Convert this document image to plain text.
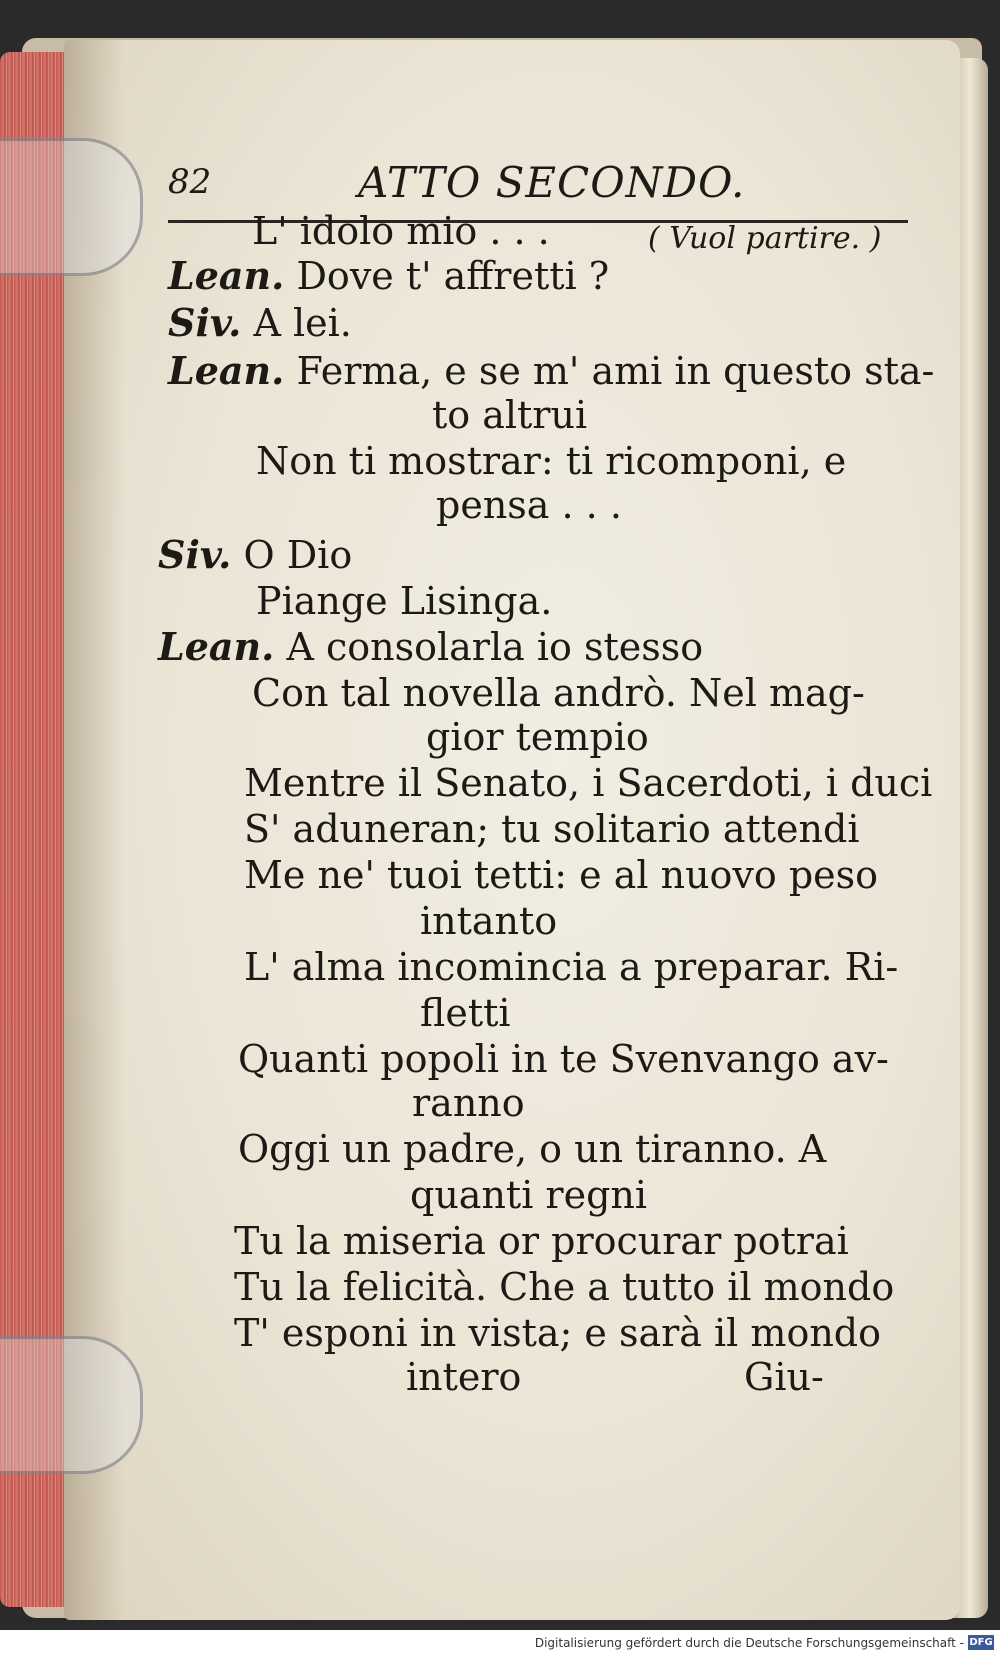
82	ATTO SECONDO.
L' idolo mio . . .	( Vuol partire. )
Lean. Dove t' affretti ?
Siv. A lei.
Lean. Ferma, e se m' ami in questo sta-
to altrui
Non ti mostrar: ti ricomponi, e
pensa . . .
Siv. O Dio
Piange Lisinga.
Lean. A consolarla io stesso
Con tal novella andrò. Nel mag-
gior tempio
Mentre il Senato, i Sacerdoti, i duci
S' aduneran; tu solitario attendi
Me ne' tuoi tetti: e al nuovo peso
intanto
L' alma incomincia a preparar. Ri-
fletti
Quanti popoli in te Svenvango av-
ranno
Oggi un padre, o un tiranno. A
quanti regni
Tu la miseria or procurar potrai
Tu la felicità. Che a tutto il mondo
T' esponi in vista; e sarà il mondo
intero	Giu-
Digitalisierung gefördert durch die Deutsche Forschungsgemeinschaft - DFG
